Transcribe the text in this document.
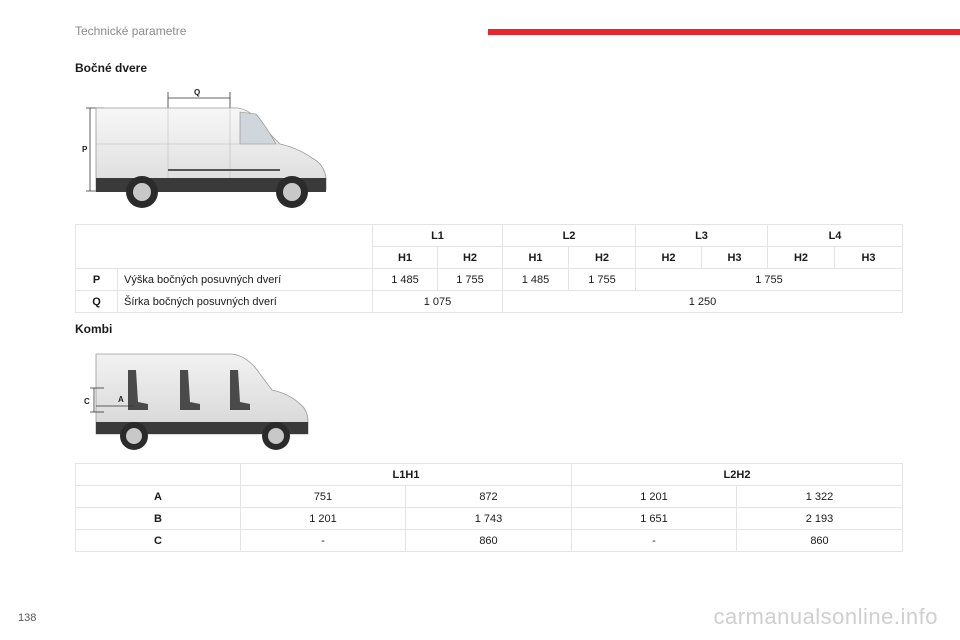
Technické parametre
Bočné dvere
P
Q
		L1		L2		L3		L4	
		H1	H2	H1	H2	H2	H3	H2	H3
P	Výška bočných posuvných dverí	1 485	1 755	1 485	1 755	1 755			
Q	Šírka bočných posuvných dverí	1 075		1 250					
Kombi
C	A
	L1H1		L2H2	
A	751	872	1 201	1 322
B	1 201	1 743	1 651	2 193
C	-	860	-	860
138	carmanualsonline.info
